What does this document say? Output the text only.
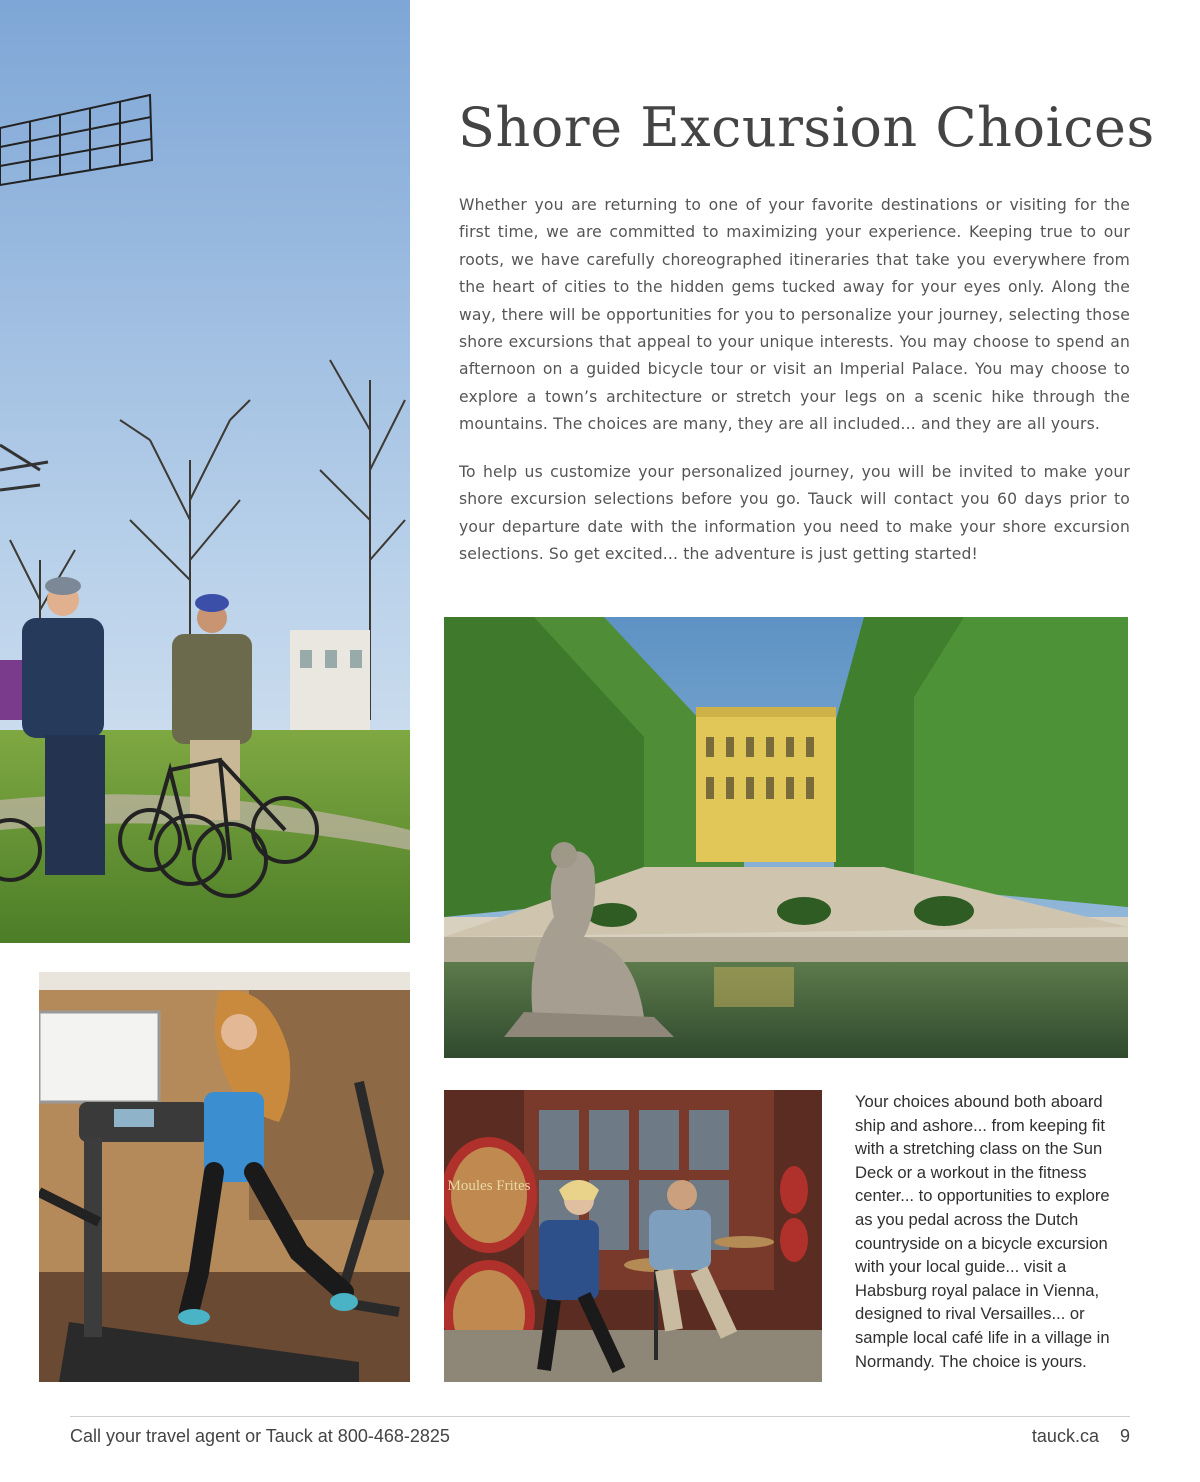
Shore Excursion Choices

Whether you are returning to one of your favorite destinations or visiting for the first time, we are committed to maximizing your experience. Keeping true to our roots, we have carefully choreographed itineraries that take you everywhere from the heart of cities to the hidden gems tucked away for your eyes only. Along the way, there will be opportunities for you to personalize your journey, selecting those shore excursions that appeal to your unique interests. You may choose to spend an afternoon on a guided bicycle tour or visit an Imperial Palace. You may choose to explore a town’s architecture or stretch your legs on a scenic hike through the mountains. The choices are many, they are all included... and they are all yours.

To help us customize your personalized journey, you will be invited to make your shore excursion selections before you go. Tauck will contact you 60 days prior to your departure date with the information you need to make your shore excursion selections. So get excited... the adventure is just getting started!

Moules Frites

Your choices abound both aboard ship and ashore... from keeping fit with a stretching class on the Sun Deck or a workout in the fitness center... to opportunities to explore as you pedal across the Dutch countryside on a bicycle excursion with your local guide... visit a Habsburg royal palace in Vienna, designed to rival Versailles... or sample local café life in a village in Normandy. The choice is yours.

Call your travel agent or Tauck at 800-468-2825	tauck.ca 9
